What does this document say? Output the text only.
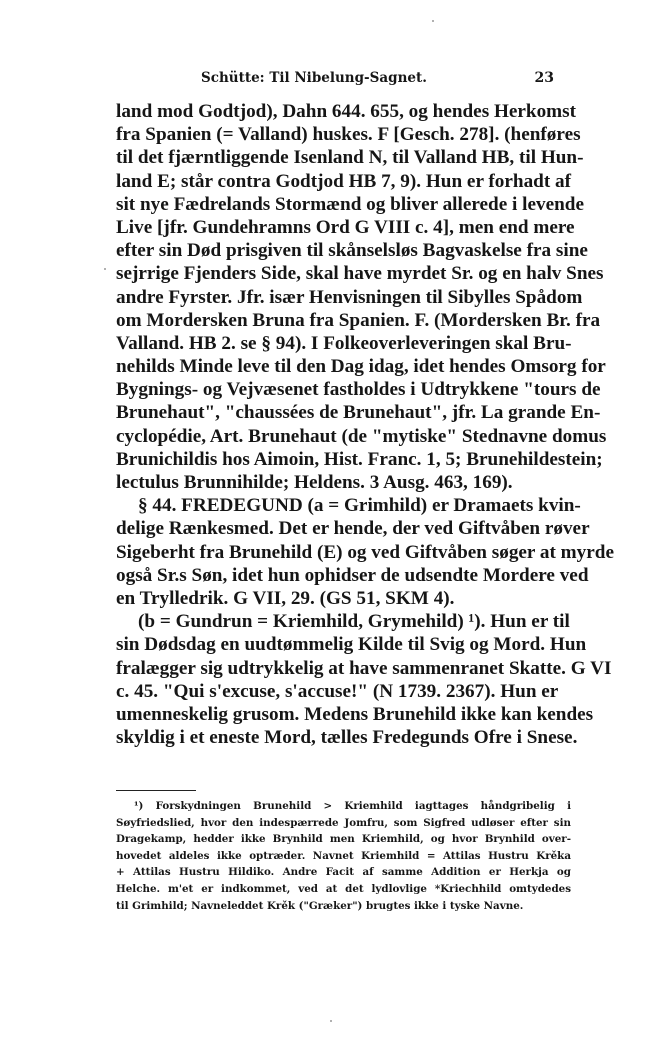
Schütte: Til Nibelung-Sagnet.	23
land mod Godtjod), Dahn 644. 655, og hendes Herkomst
fra Spanien (= Valland) huskes. F [Gesch. 278]. (henføres
til det fjærntliggende Isenland N, til Valland HB, til Hun-
land E; står contra Godtjod HB 7, 9). Hun er forhadt af
sit nye Fædrelands Stormænd og bliver allerede i levende
Live [jfr. Gundehramns Ord G VIII c. 4], men end mere
efter sin Død prisgiven til skånselsløs Bagvaskelse fra sine
sejrrige Fjenders Side, skal have myrdet Sr. og en halv Snes
andre Fyrster. Jfr. især Henvisningen til Sibylles Spådom
om Mordersken Bruna fra Spanien. F. (Mordersken Br. fra
Valland. HB 2. se § 94). I Folkeoverleveringen skal Bru-
nehilds Minde leve til den Dag idag, idet hendes Omsorg for
Bygnings- og Vejvæsenet fastholdes i Udtrykkene "tours de
Brunehaut", "chaussées de Brunehaut", jfr. La grande En-
cyclopédie, Art. Brunehaut (de "mytiske" Stednavne domus
Brunichildis hos Aimoin, Hist. Franc. 1, 5; Brunehildestein;
lectulus Brunnihilde; Heldens. 3 Ausg. 463, 169).
§ 44. FREDEGUND (a = Grimhild) er Dramaets kvin-
delige Rænkesmed. Det er hende, der ved Giftvåben røver
Sigeberht fra Brunehild (E) og ved Giftvåben søger at myrde
også Sr.s Søn, idet hun ophidser de udsendte Mordere ved
en Trylledrik. G VII, 29. (GS 51, SKM 4).
(b = Gundrun = Kriemhild, Grymehild) ¹). Hun er til
sin Dødsdag en uudtømmelig Kilde til Svig og Mord. Hun
fralægger sig udtrykkelig at have sammenranet Skatte. G VI
c. 45. "Qui s'excuse, s'accuse!" (N 1739. 2367). Hun er
umenneskelig grusom. Medens Brunehild ikke kan kendes
skyldig i et eneste Mord, tælles Fredegunds Ofre i Snese.
¹) Forskydningen Brunehild > Kriemhild iagttages håndgribelig i
Søyfriedslied, hvor den indespærrede Jomfru, som Sigfred udløser efter sin
Dragekamp, hedder ikke Brynhild men Kriemhild, og hvor Brynhild over-
hovedet aldeles ikke optræder. Navnet Kriemhild = Attilas Hustru Krěka
+ Attilas Hustru Hildiko. Andre Facit af samme Addition er Herkja og
Helche. m'et er indkommet, ved at det lydlovlige *Kriechhild omtydedes
til Grimhild; Navneleddet Krěk ("Græker") brugtes ikke i tyske Navne.
